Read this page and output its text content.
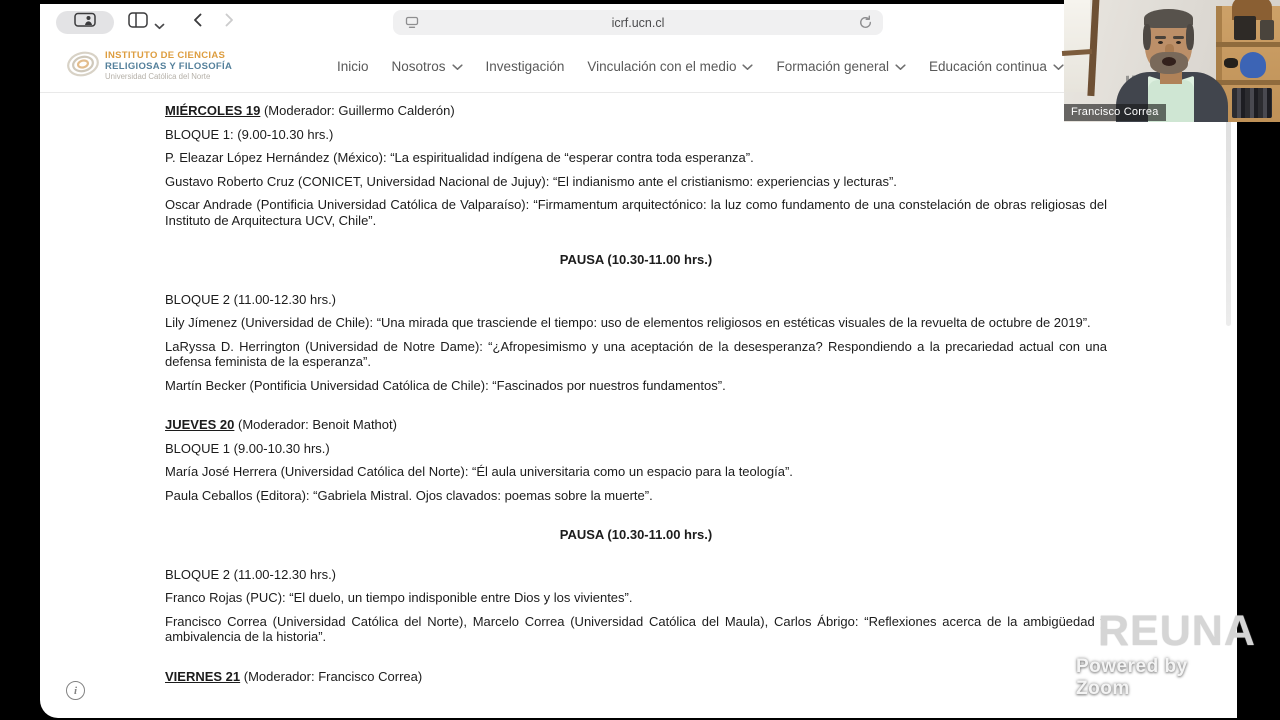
icrf.ucn.cl
INSTITUTO DE CIENCIAS
RELIGIOSAS Y FILOSOFÍA
Universidad Católica del Norte
Inicio Nosotros	Investigación Vinculación con el medio	Formación general	Educación continua

MIÉRCOLES 19 (Moderador: Guillermo Calderón)

BLOQUE 1: (9.00-10.30 hrs.)

P. Eleazar López Hernández (México): “La espiritualidad indígena de “esperar contra toda esperanza”.

Gustavo Roberto Cruz (CONICET, Universidad Nacional de Jujuy): “El indianismo ante el cristianismo: experiencias y lecturas”.

Oscar Andrade (Pontificia Universidad Católica de Valparaíso): “Firmamentum arquitectónico: la luz como fundamento de una constelación de obras religiosas del Instituto de Arquitectura UCV, Chile”.

PAUSA (10.30-11.00 hrs.)

BLOQUE 2 (11.00-12.30 hrs.)

Lily Jímenez (Universidad de Chile): “Una mirada que trasciende el tiempo: uso de elementos religiosos en estéticas visuales de la revuelta de octubre de 2019”.

LaRyssa D. Herrington (Universidad de Notre Dame): “¿Afropesimismo y una aceptación de la desesperanza? Respondiendo a la precariedad actual con una defensa feminista de la esperanza”.

Martín Becker (Pontificia Universidad Católica de Chile): “Fascinados por nuestros fundamentos”.

JUEVES 20 (Moderador: Benoit Mathot)

BLOQUE 1 (9.00-10.30 hrs.)

María José Herrera (Universidad Católica del Norte): “Él aula universitaria como un espacio para la teología”.

Paula Ceballos (Editora): “Gabriela Mistral. Ojos clavados: poemas sobre la muerte”.

PAUSA (10.30-11.00 hrs.)

BLOQUE 2 (11.00-12.30 hrs.)

Franco Rojas (PUC): “El duelo, un tiempo indisponible entre Dios y los vivientes”.

Francisco Correa (Universidad Católica del Norte), Marcelo Correa (Universidad Católica del Maula), Carlos Ábrigo: “Reflexiones acerca de la ambigüedad y ambivalencia de la historia”.

VIERNES 21 (Moderador: Francisco Correa)

i
REUNA
Powered by Zoom
Francisco Correa
